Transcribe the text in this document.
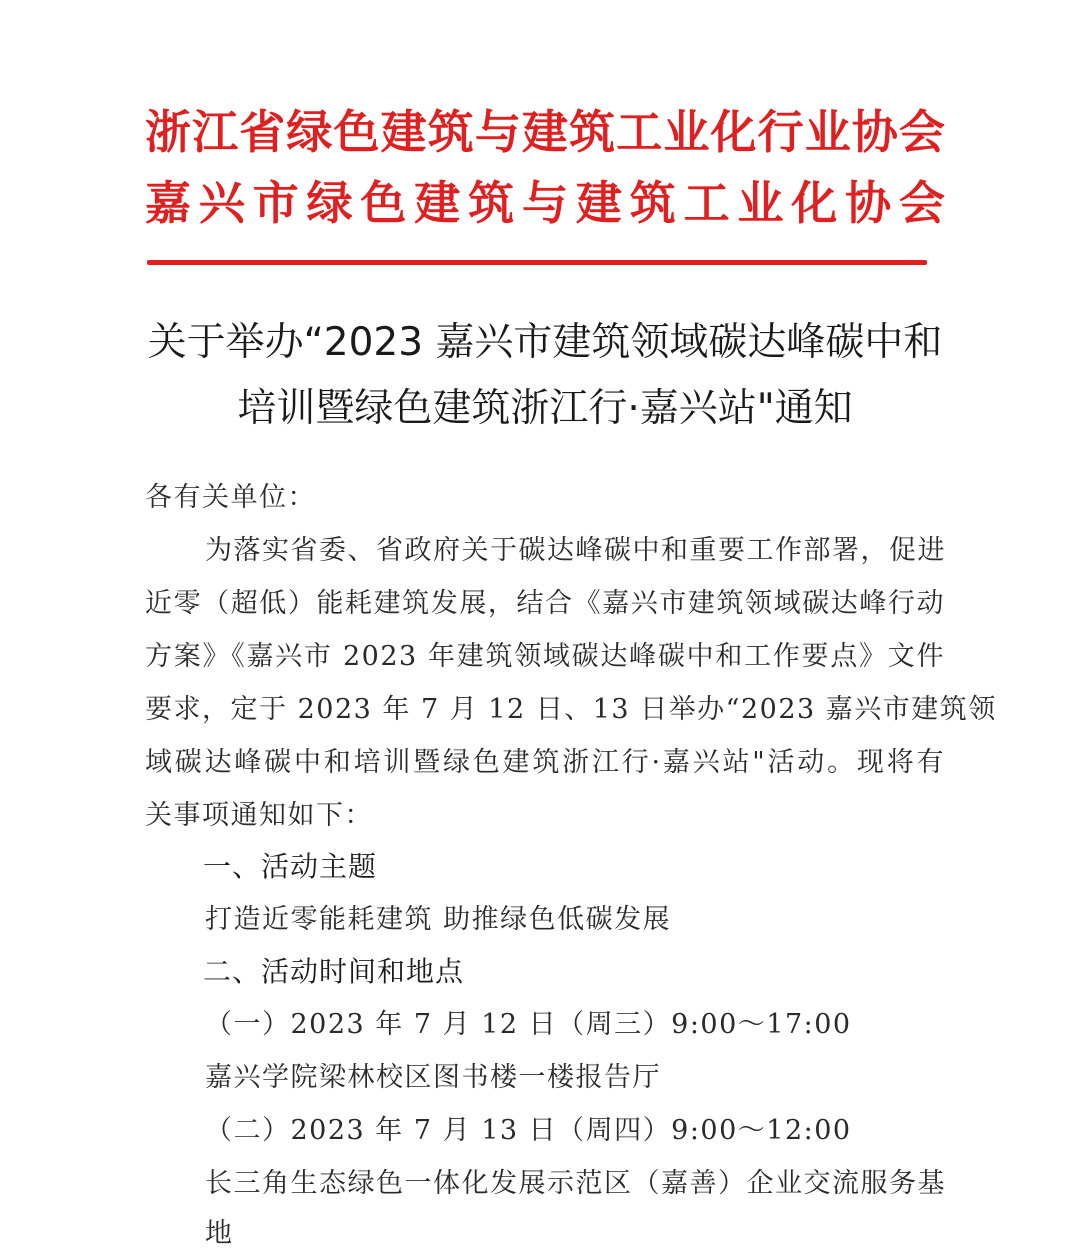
浙江省绿色建筑与建筑工业化行业协会
嘉兴市绿色建筑与建筑工业化协会
关于举办“2023 嘉兴市建筑领域碳达峰碳中和
培训暨绿色建筑浙江行·嘉兴站"通知
各有关单位：
为落实省委、省政府关于碳达峰碳中和重要工作部署，促进
近零（超低）能耗建筑发展，结合《嘉兴市建筑领域碳达峰行动
方案》《嘉兴市 2023 年建筑领域碳达峰碳中和工作要点》文件
要求，定于 2023 年 7 月 12 日、13 日举办“2023 嘉兴市建筑领
域碳达峰碳中和培训暨绿色建筑浙江行·嘉兴站"活动。现将有
关事项通知如下：
一、活动主题
打造近零能耗建筑 助推绿色低碳发展
二、活动时间和地点
（一）2023 年 7 月 12 日（周三）9:00～17:00
嘉兴学院梁林校区图书楼一楼报告厅
（二）2023 年 7 月 13 日（周四）9:00～12:00
长三角生态绿色一体化发展示范区（嘉善）企业交流服务基
地
